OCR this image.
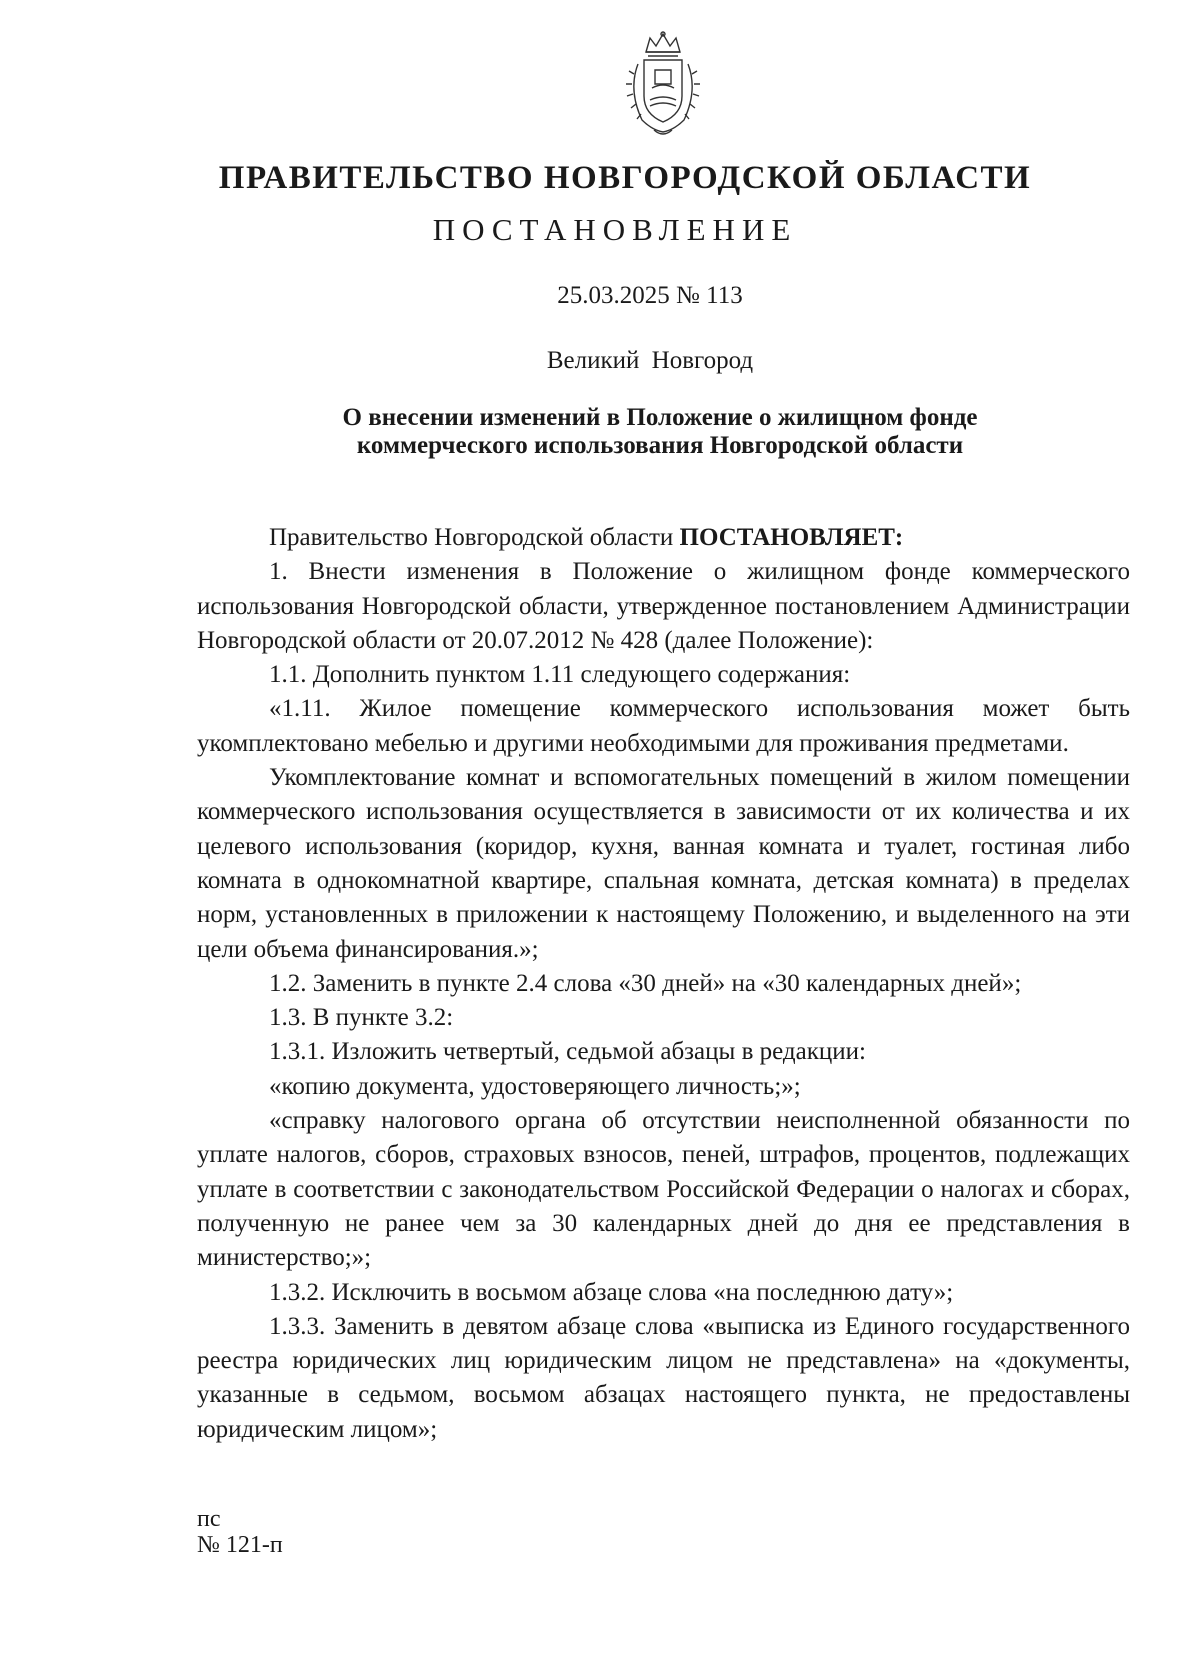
ПРАВИТЕЛЬСТВО НОВГОРОДСКОЙ ОБЛАСТИ
ПОСТАНОВЛЕНИЕ
25.03.2025 № 113
Великий Новгород
О внесении изменений в Положение о жилищном фонде
коммерческого использования Новгородской области

Правительство Новгородской области ПОСТАНОВЛЯЕТ:

1. Внести изменения в Положение о жилищном фонде коммерческого использования Новгородской области, утвержденное постановлением Администрации Новгородской области от 20.07.2012 № 428 (далее Положение):

1.1. Дополнить пунктом 1.11 следующего содержания:

«1.11. Жилое помещение коммерческого использования может быть укомплектовано мебелью и другими необходимыми для проживания предметами.

Укомплектование комнат и вспомогательных помещений в жилом помещении коммерческого использования осуществляется в зависимости от их количества и их целевого использования (коридор, кухня, ванная комната и туалет, гостиная либо комната в однокомнатной квартире, спальная комната, детская комната) в пределах норм, установленных в приложении к настоящему Положению, и выделенного на эти цели объема финансирования.»;

1.2. Заменить в пункте 2.4 слова «30 дней» на «30 календарных дней»;

1.3. В пункте 3.2:

1.3.1. Изложить четвертый, седьмой абзацы в редакции:

«копию документа, удостоверяющего личность;»;

«справку налогового органа об отсутствии неисполненной обязанности по уплате налогов, сборов, страховых взносов, пеней, штрафов, процентов, подлежащих уплате в соответствии с законодательством Российской Федерации о налогах и сборах, полученную не ранее чем за 30 календарных дней до дня ее представления в министерство;»;

1.3.2. Исключить в восьмом абзаце слова «на последнюю дату»;

1.3.3. Заменить в девятом абзаце слова «выписка из Единого государственного реестра юридических лиц юридическим лицом не представлена» на «документы, указанные в седьмом, восьмом абзацах настоящего пункта, не предоставлены юридическим лицом»;

пс
№ 121-п
